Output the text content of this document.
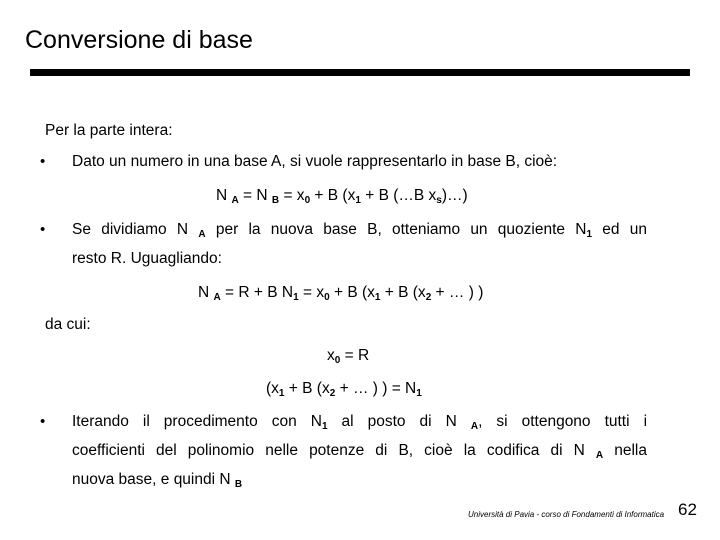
Conversione di base
Per la parte intera:
• Dato un numero in una base A, si vuole rappresentarlo in base B, cioè:
N $_A$ = N $_B = x_0 + B$ ($x_1 + B$ (…B $x_s)\dots$)
• Se dividiamo N $_A$ per la nuova base B, otteniamo un quoziente $N_1$ ed un
resto R. Uguagliando:
N $_A$ = R + B $N_1 = x_0 + B$ ($x_1 + B$ ($x_2$ + … ) )
da cui:
$x_0 = R$
($x_1 + B$ ($x_2$ + … ) ) = $N_1$
• Iterando il procedimento con $N_1$ al posto di N $_A$, si ottengono tutti i
coefficienti del polinomio nelle potenze di B, cioè la codifica di N $_A$ nella
nuova base, e quindi N $_B$
Università di Pavia - corso di Fondamenti di Informatica 62
